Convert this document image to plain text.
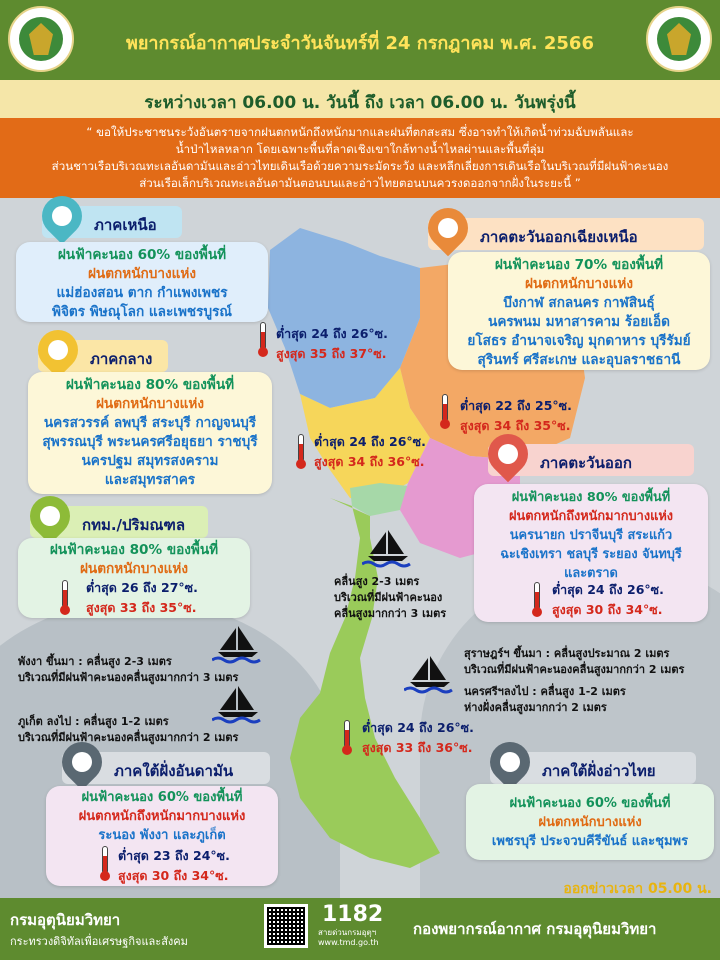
พยากรณ์อากาศประจำวันจันทร์ที่ 24 กรกฎาคม พ.ศ. 2566
ระหว่างเวลา 06.00 น. วันนี้ ถึง เวลา 06.00 น. วันพรุ่งนี้
“ ขอให้ประชาชนระวังอันตรายจากฝนตกหนักถึงหนักมากและฝนที่ตกสะสม ซึ่งอาจทำให้เกิดน้ำท่วมฉับพลันและ
น้ำป่าไหลหลาก โดยเฉพาะพื้นที่ลาดเชิงเขาใกล้ทางน้ำไหลผ่านและพื้นที่ลุ่ม
ส่วนชาวเรือบริเวณทะเลอันดามันและอ่าวไทยเดินเรือด้วยความระมัดระวัง และหลีกเลี่ยงการเดินเรือในบริเวณที่มีฝนฟ้าคะนอง
ส่วนเรือเล็กบริเวณทะเลอันดามันตอนบนและอ่าวไทยตอนบนควรงดออกจากฝั่งในระยะนี้ ”
ภาคเหนือ
ฝนฟ้าคะนอง 60% ของพื้นที่
ฝนตกหนักบางแห่ง
แม่ฮ่องสอน ตาก กำแพงเพชร
พิจิตร พิษณุโลก และเพชรบูรณ์
ต่ำสุด 24 ถึง 26°ซ.
สูงสุด 35 ถึง 37°ซ.
ภาคตะวันออกเฉียงเหนือ
ฝนฟ้าคะนอง 70% ของพื้นที่
ฝนตกหนักบางแห่ง
บึงกาฬ สกลนคร กาฬสินธุ์
นครพนม มหาสารคาม ร้อยเอ็ด
ยโสธร อำนาจเจริญ มุกดาหาร บุรีรัมย์
สุรินทร์ ศรีสะเกษ และอุบลราชธานี
ต่ำสุด 22 ถึง 25°ซ.
สูงสุด 34 ถึง 35°ซ.
ภาคกลาง
ฝนฟ้าคะนอง 80% ของพื้นที่
ฝนตกหนักบางแห่ง
นครสวรรค์ ลพบุรี สระบุรี กาญจนบุรี
สุพรรณบุรี พระนครศรีอยุธยา ราชบุรี
นครปฐม สมุทรสงคราม
และสมุทรสาคร
ต่ำสุด 24 ถึง 26°ซ.
สูงสุด 34 ถึง 36°ซ.	ภาคตะวันออก
ฝนฟ้าคะนอง 80% ของพื้นที่
ฝนตกหนักถึงหนักมากบางแห่ง
นครนายก ปราจีนบุรี สระแก้ว
ฉะเชิงเทรา ชลบุรี ระยอง จันทบุรี
และตราด
ต่ำสุด 24 ถึง 26°ซ.
สูงสุด 30 ถึง 34°ซ.
กทม./ปริมณฑล
ฝนฟ้าคะนอง 80% ของพื้นที่
ฝนตกหนักบางแห่ง
ต่ำสุด 26 ถึง 27°ซ.
สูงสุด 33 ถึง 35°ซ.
คลื่นสูง 2-3 เมตร
บริเวณที่มีฝนฟ้าคะนอง
คลื่นสูงมากกว่า 3 เมตร
พังงา ขึ้นมา : คลื่นสูง 2-3 เมตร
บริเวณที่มีฝนฟ้าคะนองคลื่นสูงมากกว่า 3 เมตร
ภูเก็ต ลงไป : คลื่นสูง 1-2 เมตร
บริเวณที่มีฝนฟ้าคะนองคลื่นสูงมากกว่า 2 เมตร
สุราษฎร์ฯ ขึ้นมา : คลื่นสูงประมาณ 2 เมตร
บริเวณที่มีฝนฟ้าคะนองคลื่นสูงมากกว่า 2 เมตร
นครศรีฯลงไป : คลื่นสูง 1-2 เมตร
ห่างฝั่งคลื่นสูงมากกว่า 2 เมตร
ต่ำสุด 24 ถึง 26°ซ.
สูงสุด 33 ถึง 36°ซ.
ภาคใต้ฝั่งอันดามัน
ฝนฟ้าคะนอง 60% ของพื้นที่
ฝนตกหนักถึงหนักมากบางแห่ง
ระนอง พังงา และภูเก็ต
ต่ำสุด 23 ถึง 24°ซ.
สูงสุด 30 ถึง 34°ซ.
ภาคใต้ฝั่งอ่าวไทย
ฝนฟ้าคะนอง 60% ของพื้นที่
ฝนตกหนักบางแห่ง
เพชรบุรี ประจวบคีรีขันธ์ และชุมพร
ออกข่าวเวลา 05.00 น.
กรมอุตุนิยมวิทยา
กระทรวงดิจิทัลเพื่อเศรษฐกิจและสังคม
1182
สายด่วนกรมอุตุฯ
www.tmd.go.th
กองพยากรณ์อากาศ กรมอุตุนิยมวิทยา
